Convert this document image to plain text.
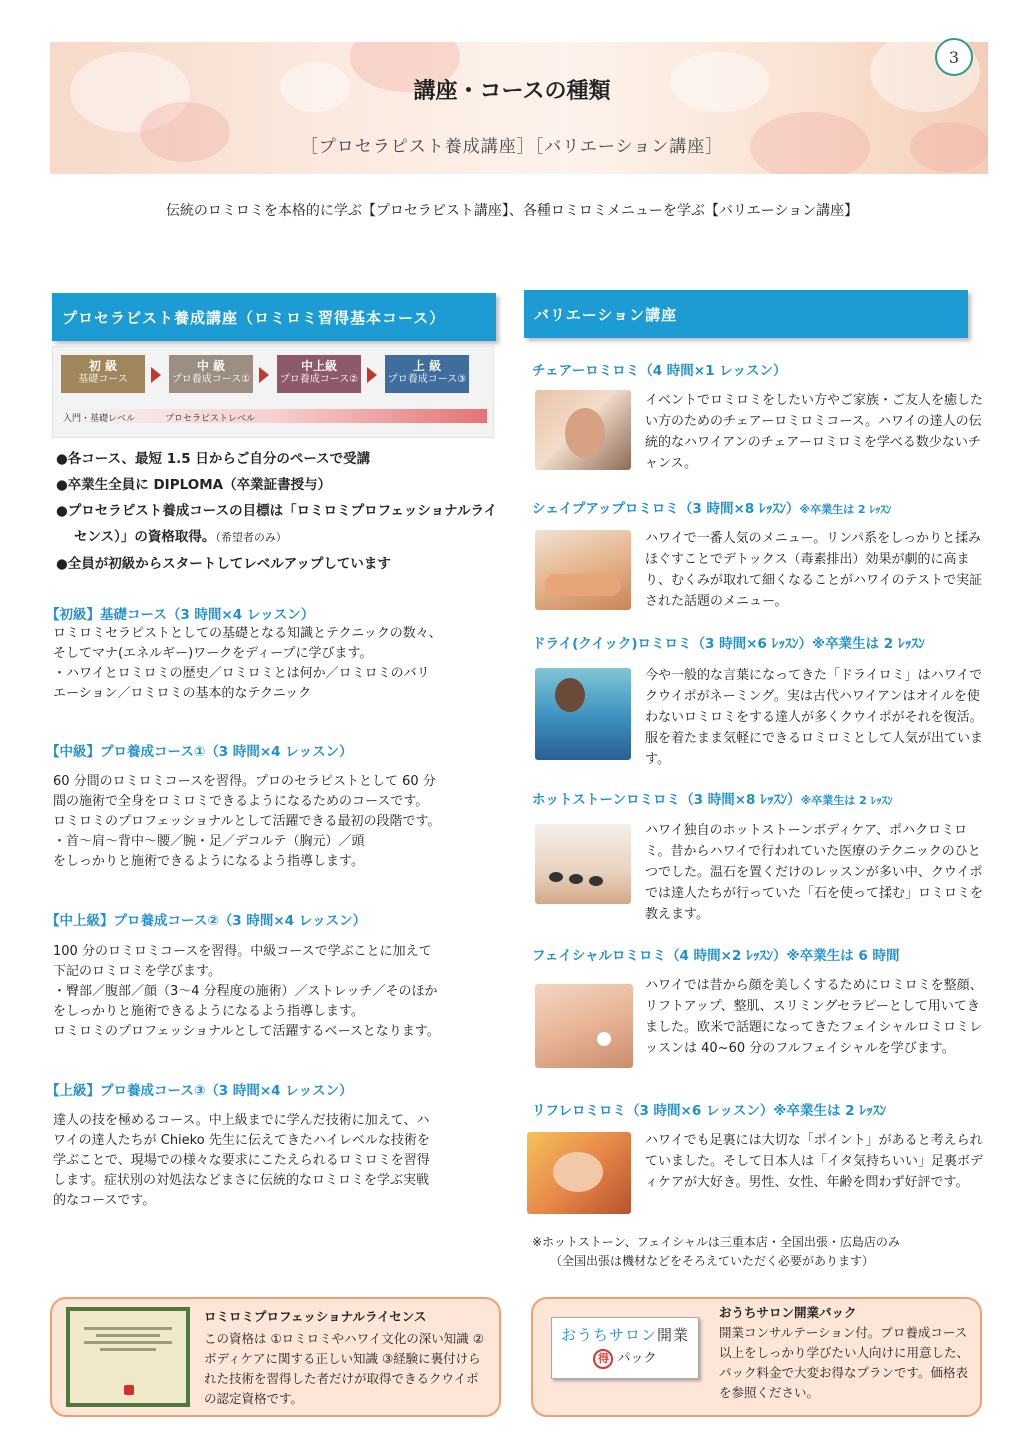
3
講座・コースの種類
［プロセラピスト養成講座］［バリエーション講座］
伝統のロミロミを本格的に学ぶ【プロセラピスト講座】、各種ロミロミメニューを学ぶ【バリエーション講座】
プロセラピスト養成講座（ロミロミ習得基本コース）
初 級
基礎コース
中 級
プロ養成コース①
中上級
プロ養成コース②
上 級
プロ養成コース③
入門・基礎レベル	プロセラピストレベル
●各コース、最短 1.5 日からご自分のペースで受講
●卒業生全員に DIPLOMA（卒業証書授与）
●プロセラピスト養成コースの目標は「ロミロミプロフェッショナルライセンス）」の資格取得。（希望者のみ）
●全員が初級からスタートしてレベルアップしています
【初級】基礎コース（3 時間×4 レッスン）
ロミロミセラピストとしての基礎となる知識とテクニックの数々、
そしてマナ(エネルギー)ワークをディープに学びます。
・ハワイとロミロミの歴史／ロミロミとは何か／ロミロミのバリ
エーション／ロミロミの基本的なテクニック
【中級】プロ養成コース①（3 時間×4 レッスン）
60 分間のロミロミコースを習得。プロのセラピストとして 60 分
間の施術で全身をロミロミできるようになるためのコースです。
ロミロミのプロフェッショナルとして活躍できる最初の段階です。
・首〜肩〜背中〜腰／腕・足／デコルテ（胸元）／頭
をしっかりと施術できるようになるよう指導します。
【中上級】プロ養成コース②（3 時間×4 レッスン）
100 分のロミロミコースを習得。中級コースで学ぶことに加えて
下記のロミロミを学びます。
・臀部／腹部／顔（3〜4 分程度の施術）／ストレッチ／そのほか
をしっかりと施術できるようになるよう指導します。
ロミロミのプロフェッショナルとして活躍するベースとなります。
【上級】プロ養成コース③（3 時間×4 レッスン）
達人の技を極めるコース。中上級までに学んだ技術に加えて、ハ
ワイの達人たちが Chieko 先生に伝えてきたハイレベルな技術を
学ぶことで、現場での様々な要求にこたえられるロミロミを習得
します。症状別の対処法などまさに伝統的なロミロミを学ぶ実戦
的なコースです。
バリエーション講座
チェアーロミロミ（4 時間×1 レッスン）
イベントでロミロミをしたい方やご家族・ご友人を癒したい方のためのチェアーロミロミコース。ハワイの達人の伝統的なハワイアンのチェアーロミロミを学べる数少ないチャンス。
シェイプアップロミロミ（3 時間×8 ﾚｯｽﾝ）※卒業生は 2 ﾚｯｽﾝ
ハワイで一番人気のメニュー。リンパ系をしっかりと揉みほぐすことでデトックス（毒素排出）効果が劇的に高まり、むくみが取れて細くなることがハワイのテストで実証された話題のメニュー。
ドライ(クイック)ロミロミ（3 時間×6 ﾚｯｽﾝ）※卒業生は 2 ﾚｯｽﾝ
今や一般的な言葉になってきた「ドライロミ」はハワイでクウイポがネーミング。実は古代ハワイアンはオイルを使わないロミロミをする達人が多くクウイポがそれを復活。服を着たまま気軽にできるロミロミとして人気が出ています。
ホットストーンロミロミ（3 時間×8 ﾚｯｽﾝ）※卒業生は 2 ﾚｯｽﾝ
ハワイ独自のホットストーンボディケア、ポハクロミロミ。昔からハワイで行われていた医療のテクニックのひとつでした。温石を置くだけのレッスンが多い中、クウイポでは達人たちが行っていた「石を使って揉む」ロミロミを教えます。
フェイシャルロミロミ（4 時間×2 ﾚｯｽﾝ）※卒業生は 6 時間
ハワイでは昔から顔を美しくするためにロミロミを整顔、リフトアップ、整肌、スリミングセラピーとして用いてきました。欧米で話題になってきたフェイシャルロミロミレッスンは 40~60 分のフルフェイシャルを学びます。
リフレロミロミ（3 時間×6 レッスン）※卒業生は 2 ﾚｯｽﾝ
ハワイでも足裏には大切な「ポイント」があると考えられていました。そして日本人は「イタ気持ちいい」足裏ボディケアが大好き。男性、女性、年齢を問わず好評です。
※ホットストーン、フェイシャルは三重本店・全国出張・広島店のみ
（全国出張は機材などをそろえていただく必要があります）
ロミロミプロフェッショナルライセンス
この資格は ①ロミロミやハワイ文化の深い知識 ②ボディケアに関する正しい知識 ③経験に裏付けられた技術を習得した者だけが取得できるクウイポの認定資格です。
おうちサロン開業
得 パック
おうちサロン開業パック
開業コンサルテーション付。プロ養成コース以上をしっかり学びたい人向けに用意した、パック料金で大変お得なプランです。価格表を参照ください。
